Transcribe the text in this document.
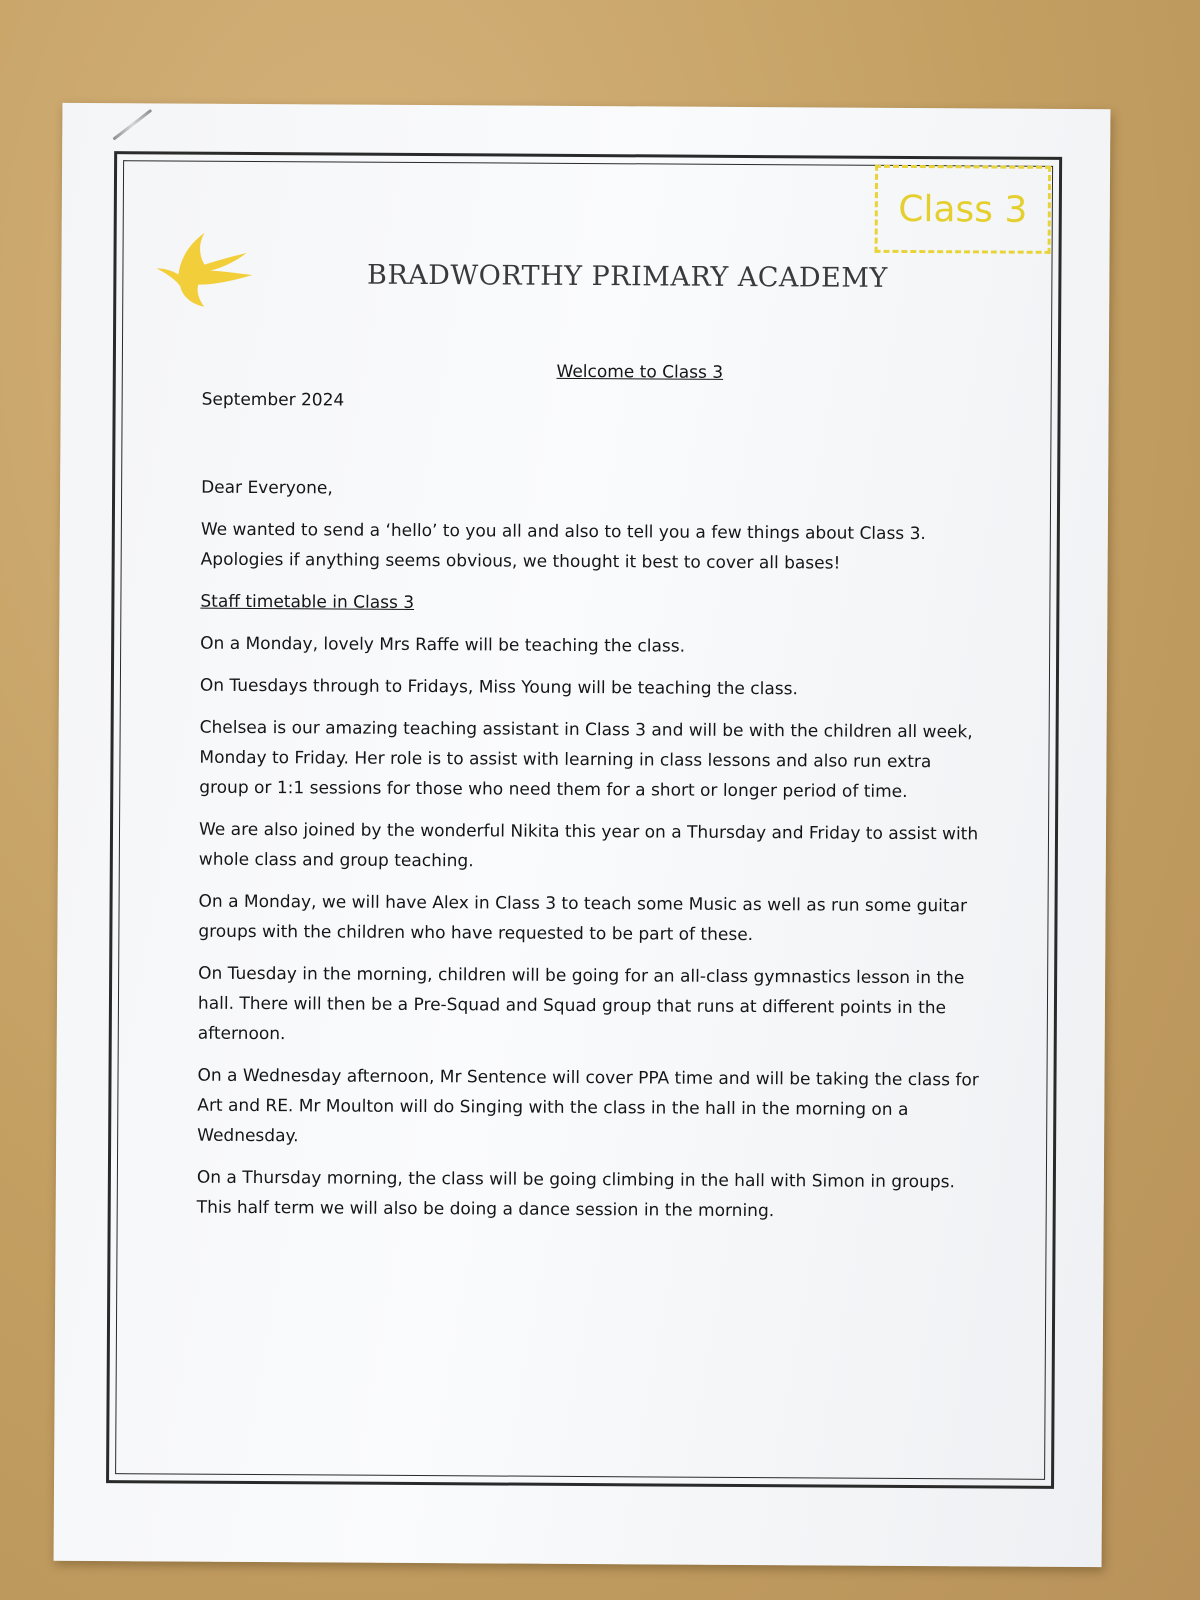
Class 3
BRADWORTHY PRIMARY ACADEMY

Welcome to Class 3

September 2024

Dear Everyone,

We wanted to send a ‘hello’ to you all and also to tell you a few things about Class 3. Apologies if anything seems obvious, we thought it best to cover all bases!

Staff timetable in Class 3

On a Monday, lovely Mrs Raffe will be teaching the class.

On Tuesdays through to Fridays, Miss Young will be teaching the class.

Chelsea is our amazing teaching assistant in Class 3 and will be with the children all week, Monday to Friday. Her role is to assist with learning in class lessons and also run extra group or 1:1 sessions for those who need them for a short or longer period of time.

We are also joined by the wonderful Nikita this year on a Thursday and Friday to assist with whole class and group teaching.

On a Monday, we will have Alex in Class 3 to teach some Music as well as run some guitar groups with the children who have requested to be part of these.

On Tuesday in the morning, children will be going for an all-class gymnastics lesson in the hall. There will then be a Pre-Squad and Squad group that runs at different points in the afternoon.

On a Wednesday afternoon, Mr Sentence will cover PPA time and will be taking the class for Art and RE. Mr Moulton will do Singing with the class in the hall in the morning on a Wednesday.

On a Thursday morning, the class will be going climbing in the hall with Simon in groups. This half term we will also be doing a dance session in the morning.
